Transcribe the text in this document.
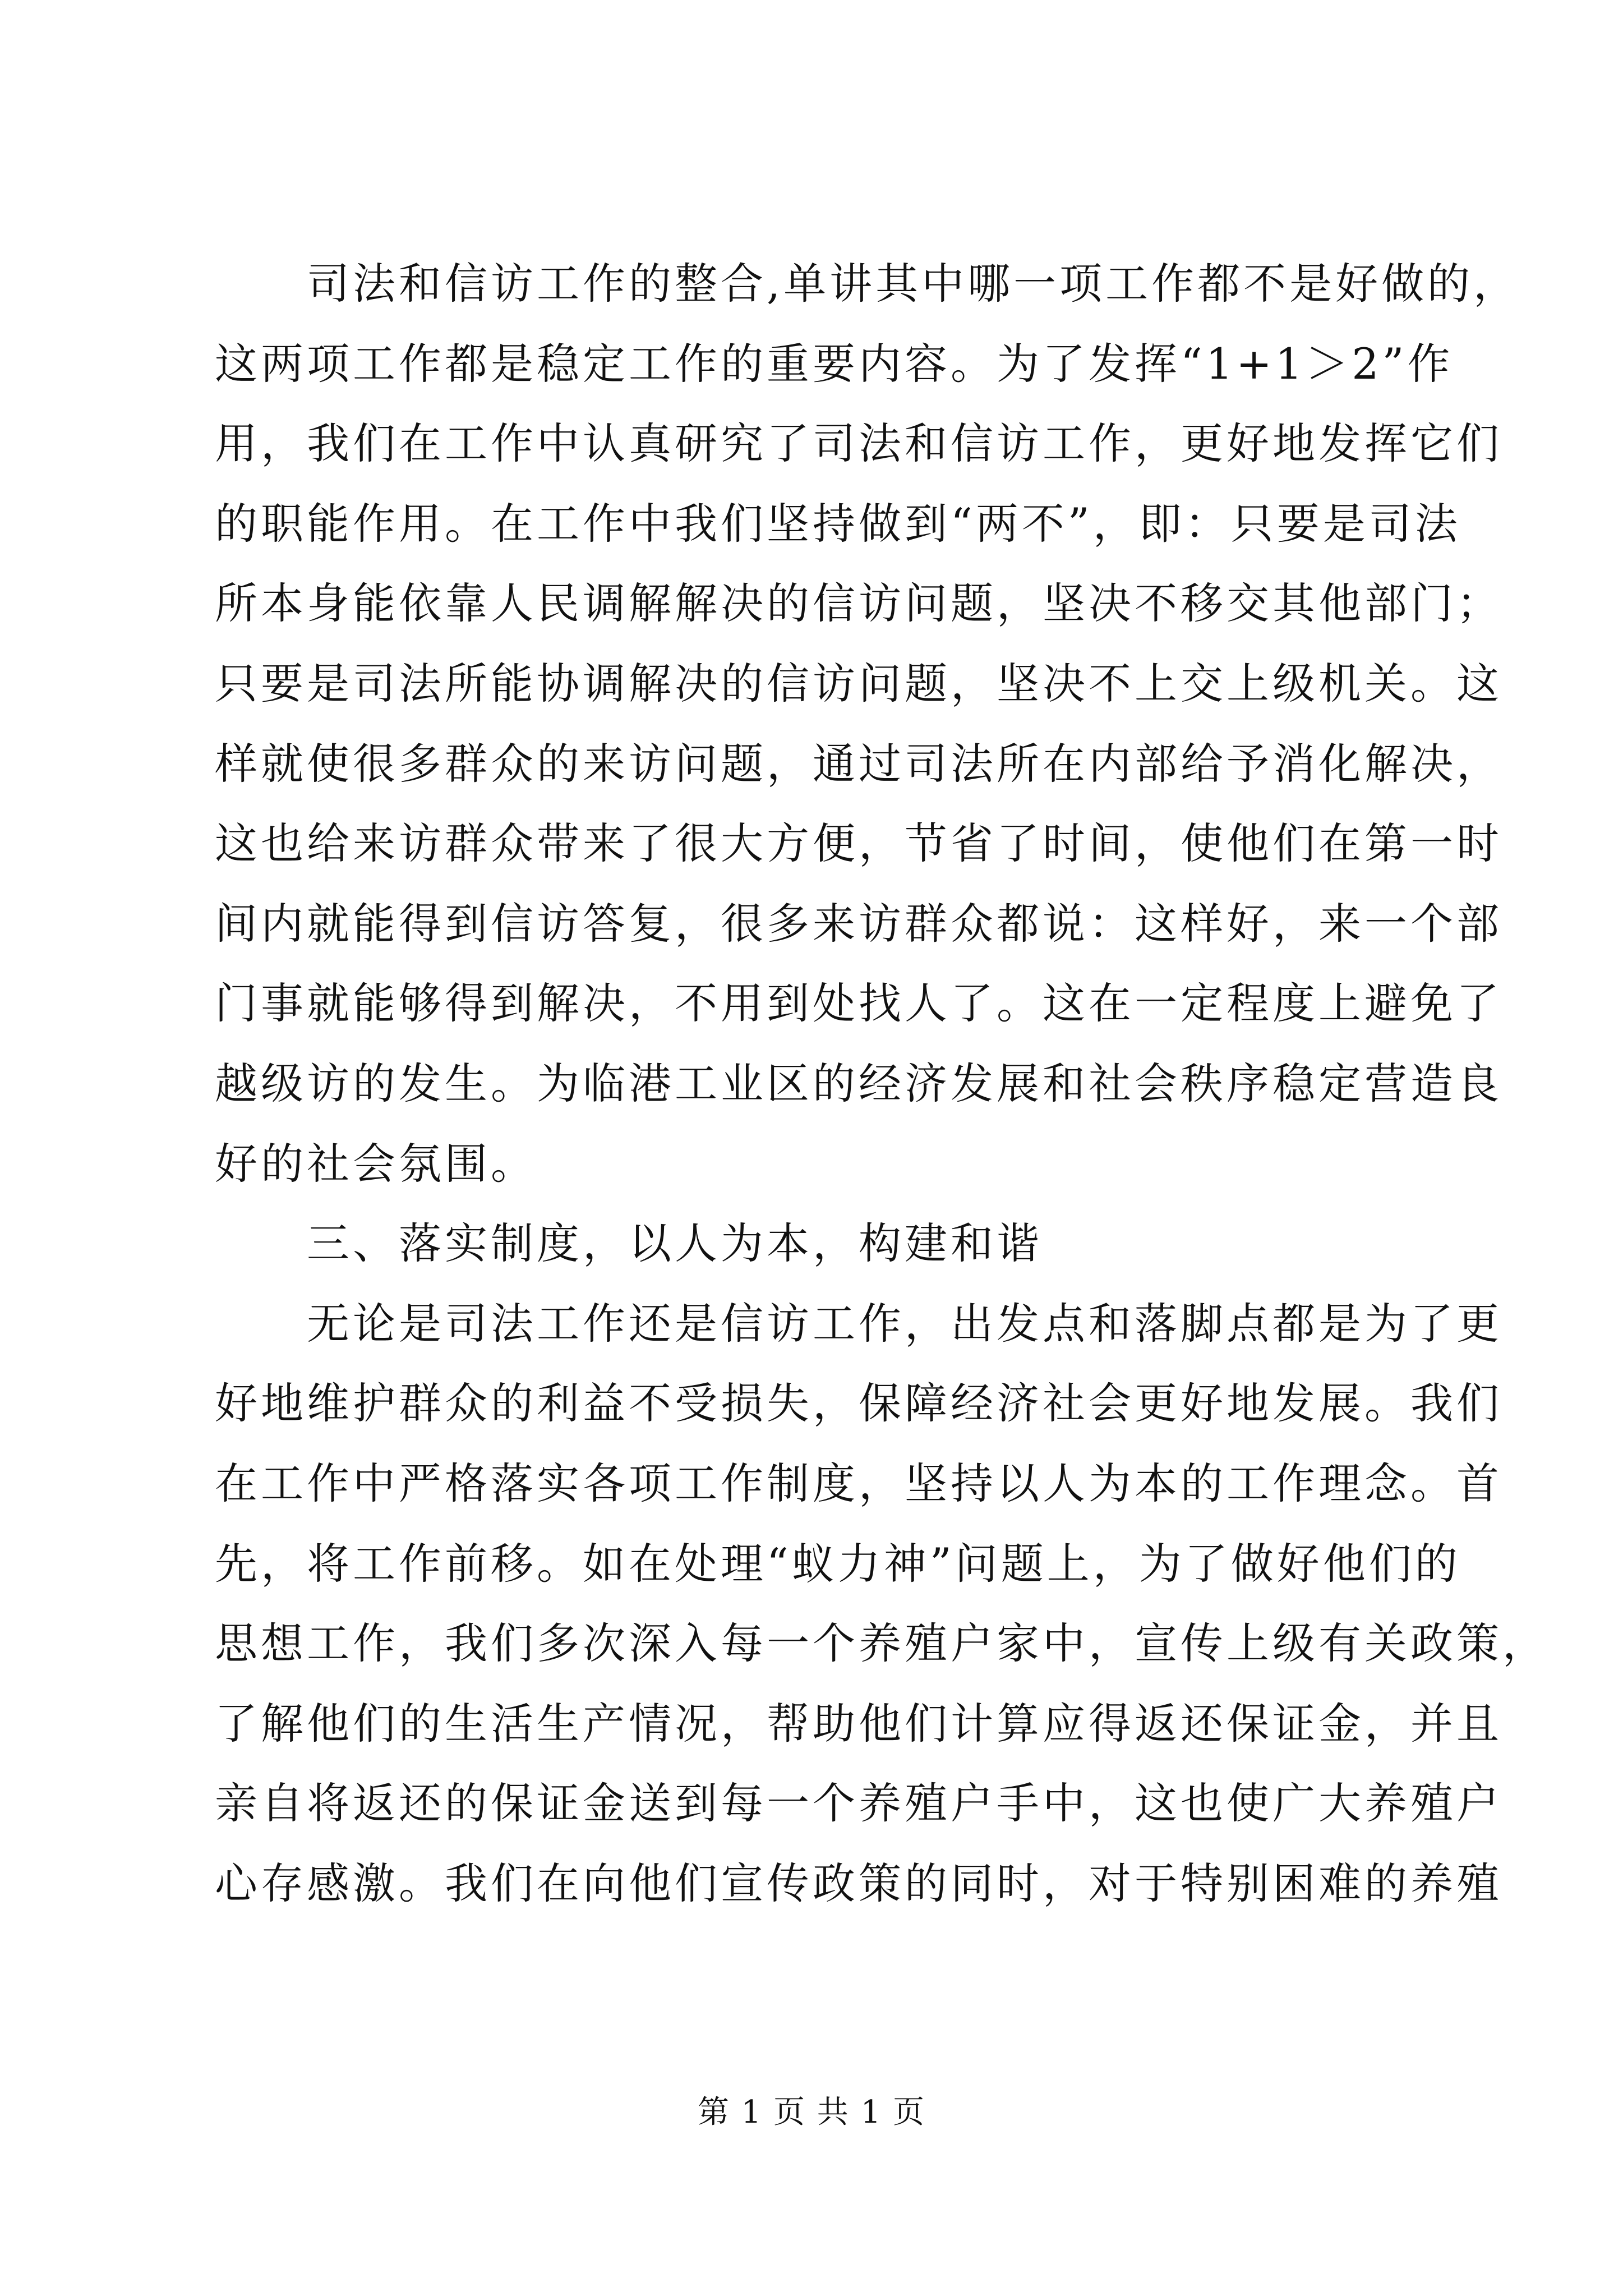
　　司法和信访工作的整合,单讲其中哪一项工作都不是好做的，
这两项工作都是稳定工作的重要内容。为了发挥“1+1＞2”作
用，我们在工作中认真研究了司法和信访工作，更好地发挥它们
的职能作用。在工作中我们坚持做到“两不”，即：只要是司法
所本身能依靠人民调解解决的信访问题，坚决不移交其他部门；
只要是司法所能协调解决的信访问题，坚决不上交上级机关。这
样就使很多群众的来访问题，通过司法所在内部给予消化解决，
这也给来访群众带来了很大方便，节省了时间，使他们在第一时
间内就能得到信访答复，很多来访群众都说：这样好，来一个部
门事就能够得到解决，不用到处找人了。这在一定程度上避免了
越级访的发生。为临港工业区的经济发展和社会秩序稳定营造良
好的社会氛围。
　　三、落实制度，以人为本，构建和谐
　　无论是司法工作还是信访工作，出发点和落脚点都是为了更
好地维护群众的利益不受损失，保障经济社会更好地发展。我们
在工作中严格落实各项工作制度，坚持以人为本的工作理念。首
先，将工作前移。如在处理“蚁力神”问题上，为了做好他们的
思想工作，我们多次深入每一个养殖户家中，宣传上级有关政策，
了解他们的生活生产情况，帮助他们计算应得返还保证金，并且
亲自将返还的保证金送到每一个养殖户手中，这也使广大养殖户
心存感激。我们在向他们宣传政策的同时，对于特别困难的养殖
第 1 页 共 1 页
